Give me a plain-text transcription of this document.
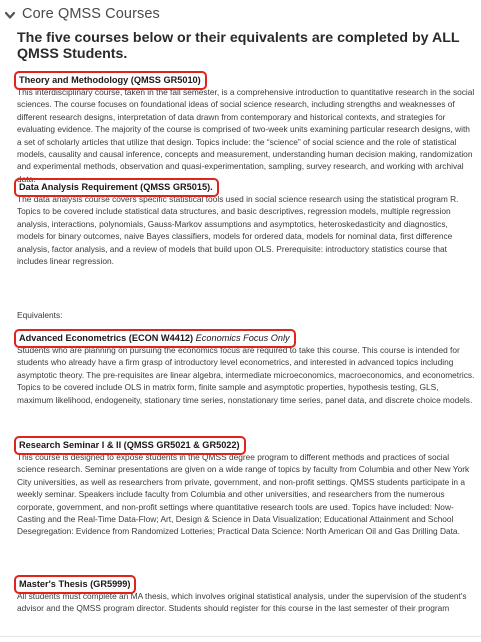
Core QMSS Courses
The five courses below or their equivalents are completed by ALL QMSS Students.
Theory and Methodology (QMSS GR5010)

This interdisciplinary course, taken in the fall semester, is a comprehensive introduction to quantitative research in the social sciences. The course focuses on foundational ideas of social science research, including strengths and weaknesses of different research designs, interpretation of data drawn from contemporary and historical contexts, and strategies for evaluating evidence. The majority of the course is comprised of two-week units examining particular research designs, with a set of scholarly articles that utilize that design. Topics include: the “science” of social science and the role of statistical models, causality and causal inference, concepts and measurement, understanding human decision making, randomization and experimental methods, observation and quasi-experimentation, sampling, survey research, and working with archival data.

Data Analysis Requirement (QMSS GR5015).

The data analysis course covers specific statistical tools used in social science research using the statistical program R. Topics to be covered include statistical data structures, and basic descriptives, regression models, multiple regression analysis, interactions, polynomials, Gauss-Markov assumptions and asymptotics, heteroskedasticity and diagnostics, models for binary outcomes, naive Bayes classifiers, models for ordered data, models for nominal data, first difference analysis, factor analysis, and a review of models that build upon OLS. Prerequisite: introductory statistics course that includes linear regression.

Equivalents:
Advanced Econometrics (ECON W4412) Economics Focus Only

Students who are planning on pursuing the economics focus are required to take this course. This course is intended for students who already have a firm grasp of introductory level econometrics, and interested in advanced topics including asymptotic theory. The pre-requisites are linear algebra, intermediate microeconomics, macroeconomics, and econometrics. Topics to be covered include OLS in matrix form, finite sample and asymptotic properties, hypothesis testing, GLS, maximum likelihood, endogeneity, stationary time series, nonstationary time series, panel data, and discrete choice models.

Research Seminar I & II (QMSS GR5021 & GR5022)

This course is designed to expose students in the QMSS degree program to different methods and practices of social science research. Seminar presentations are given on a wide range of topics by faculty from Columbia and other New York City universities, as well as researchers from private, government, and non-profit settings. QMSS students participate in a weekly seminar. Speakers include faculty from Columbia and other universities, and researchers from the numerous corporate, government, and non-profit settings where quantitative research tools are used. Topics have included: Now-Casting and the Real-Time Data-Flow; Art, Design & Science in Data Visualization; Educational Attainment and School Desegregation: Evidence from Randomized Lotteries; Practical Data Science: North American Oil and Gas Drilling Data.

Master's Thesis (GR5999)

All students must complete an MA thesis, which involves original statistical analysis, under the supervision of the student's advisor and the QMSS program director. Students should register for this course in the last semester of their program
